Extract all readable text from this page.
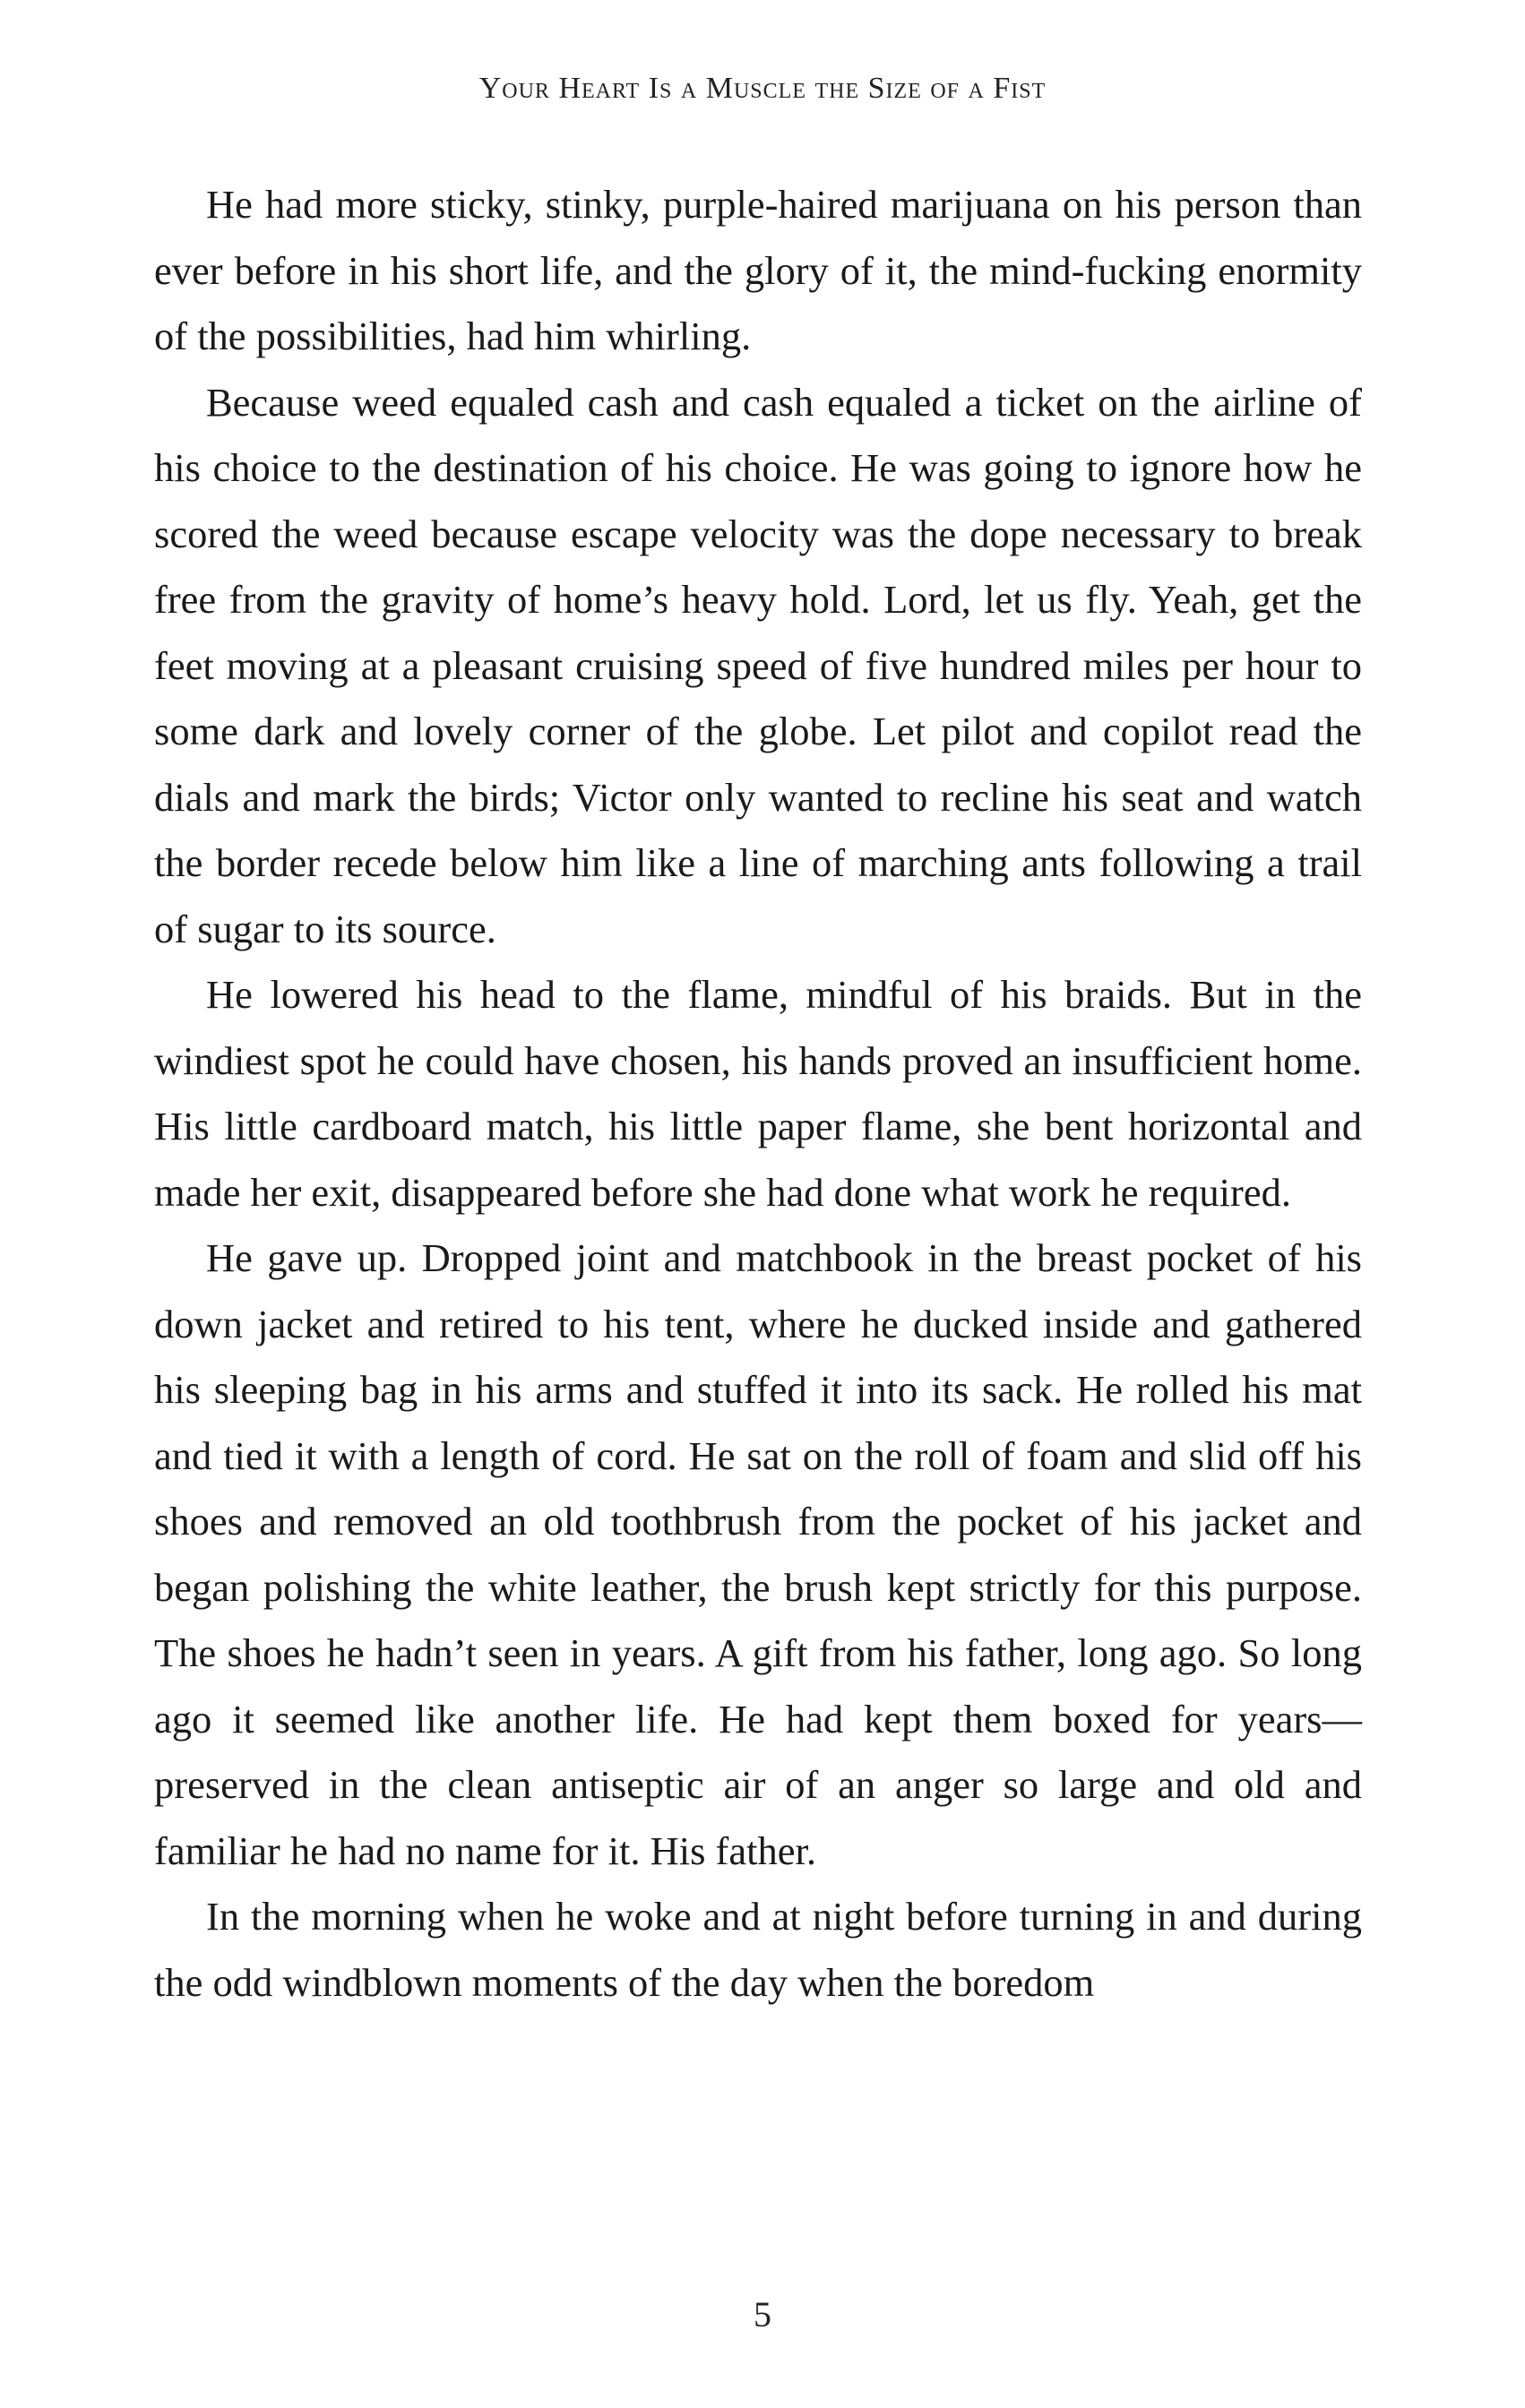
Your Heart Is a Muscle the Size of a Fist

He had more sticky, stinky, purple-haired marijuana on his person than ever before in his short life, and the glory of it, the mind-fucking enormity of the possibilities, had him whirling.

Because weed equaled cash and cash equaled a ticket on the airline of his choice to the destination of his choice. He was going to ignore how he scored the weed because escape velocity was the dope necessary to break free from the gravity of home’s heavy hold. Lord, let us fly. Yeah, get the feet moving at a pleasant cruising speed of five hundred miles per hour to some dark and lovely corner of the globe. Let pilot and copilot read the dials and mark the birds; Victor only wanted to recline his seat and watch the border recede below him like a line of marching ants following a trail of sugar to its source.

He lowered his head to the flame, mindful of his braids. But in the windiest spot he could have chosen, his hands proved an insufficient home. His little cardboard match, his little paper flame, she bent horizontal and made her exit, disappeared before she had done what work he required.

He gave up. Dropped joint and matchbook in the breast pocket of his down jacket and retired to his tent, where he ducked inside and gathered his sleeping bag in his arms and stuffed it into its sack. He rolled his mat and tied it with a length of cord. He sat on the roll of foam and slid off his shoes and removed an old toothbrush from the pocket of his jacket and began polishing the white leather, the brush kept strictly for this purpose. The shoes he hadn’t seen in years. A gift from his father, long ago. So long ago it seemed like another life. He had kept them boxed for years—preserved in the clean antiseptic air of an anger so large and old and familiar he had no name for it. His father.

In the morning when he woke and at night before turning in and during the odd windblown moments of the day when the boredom

5
